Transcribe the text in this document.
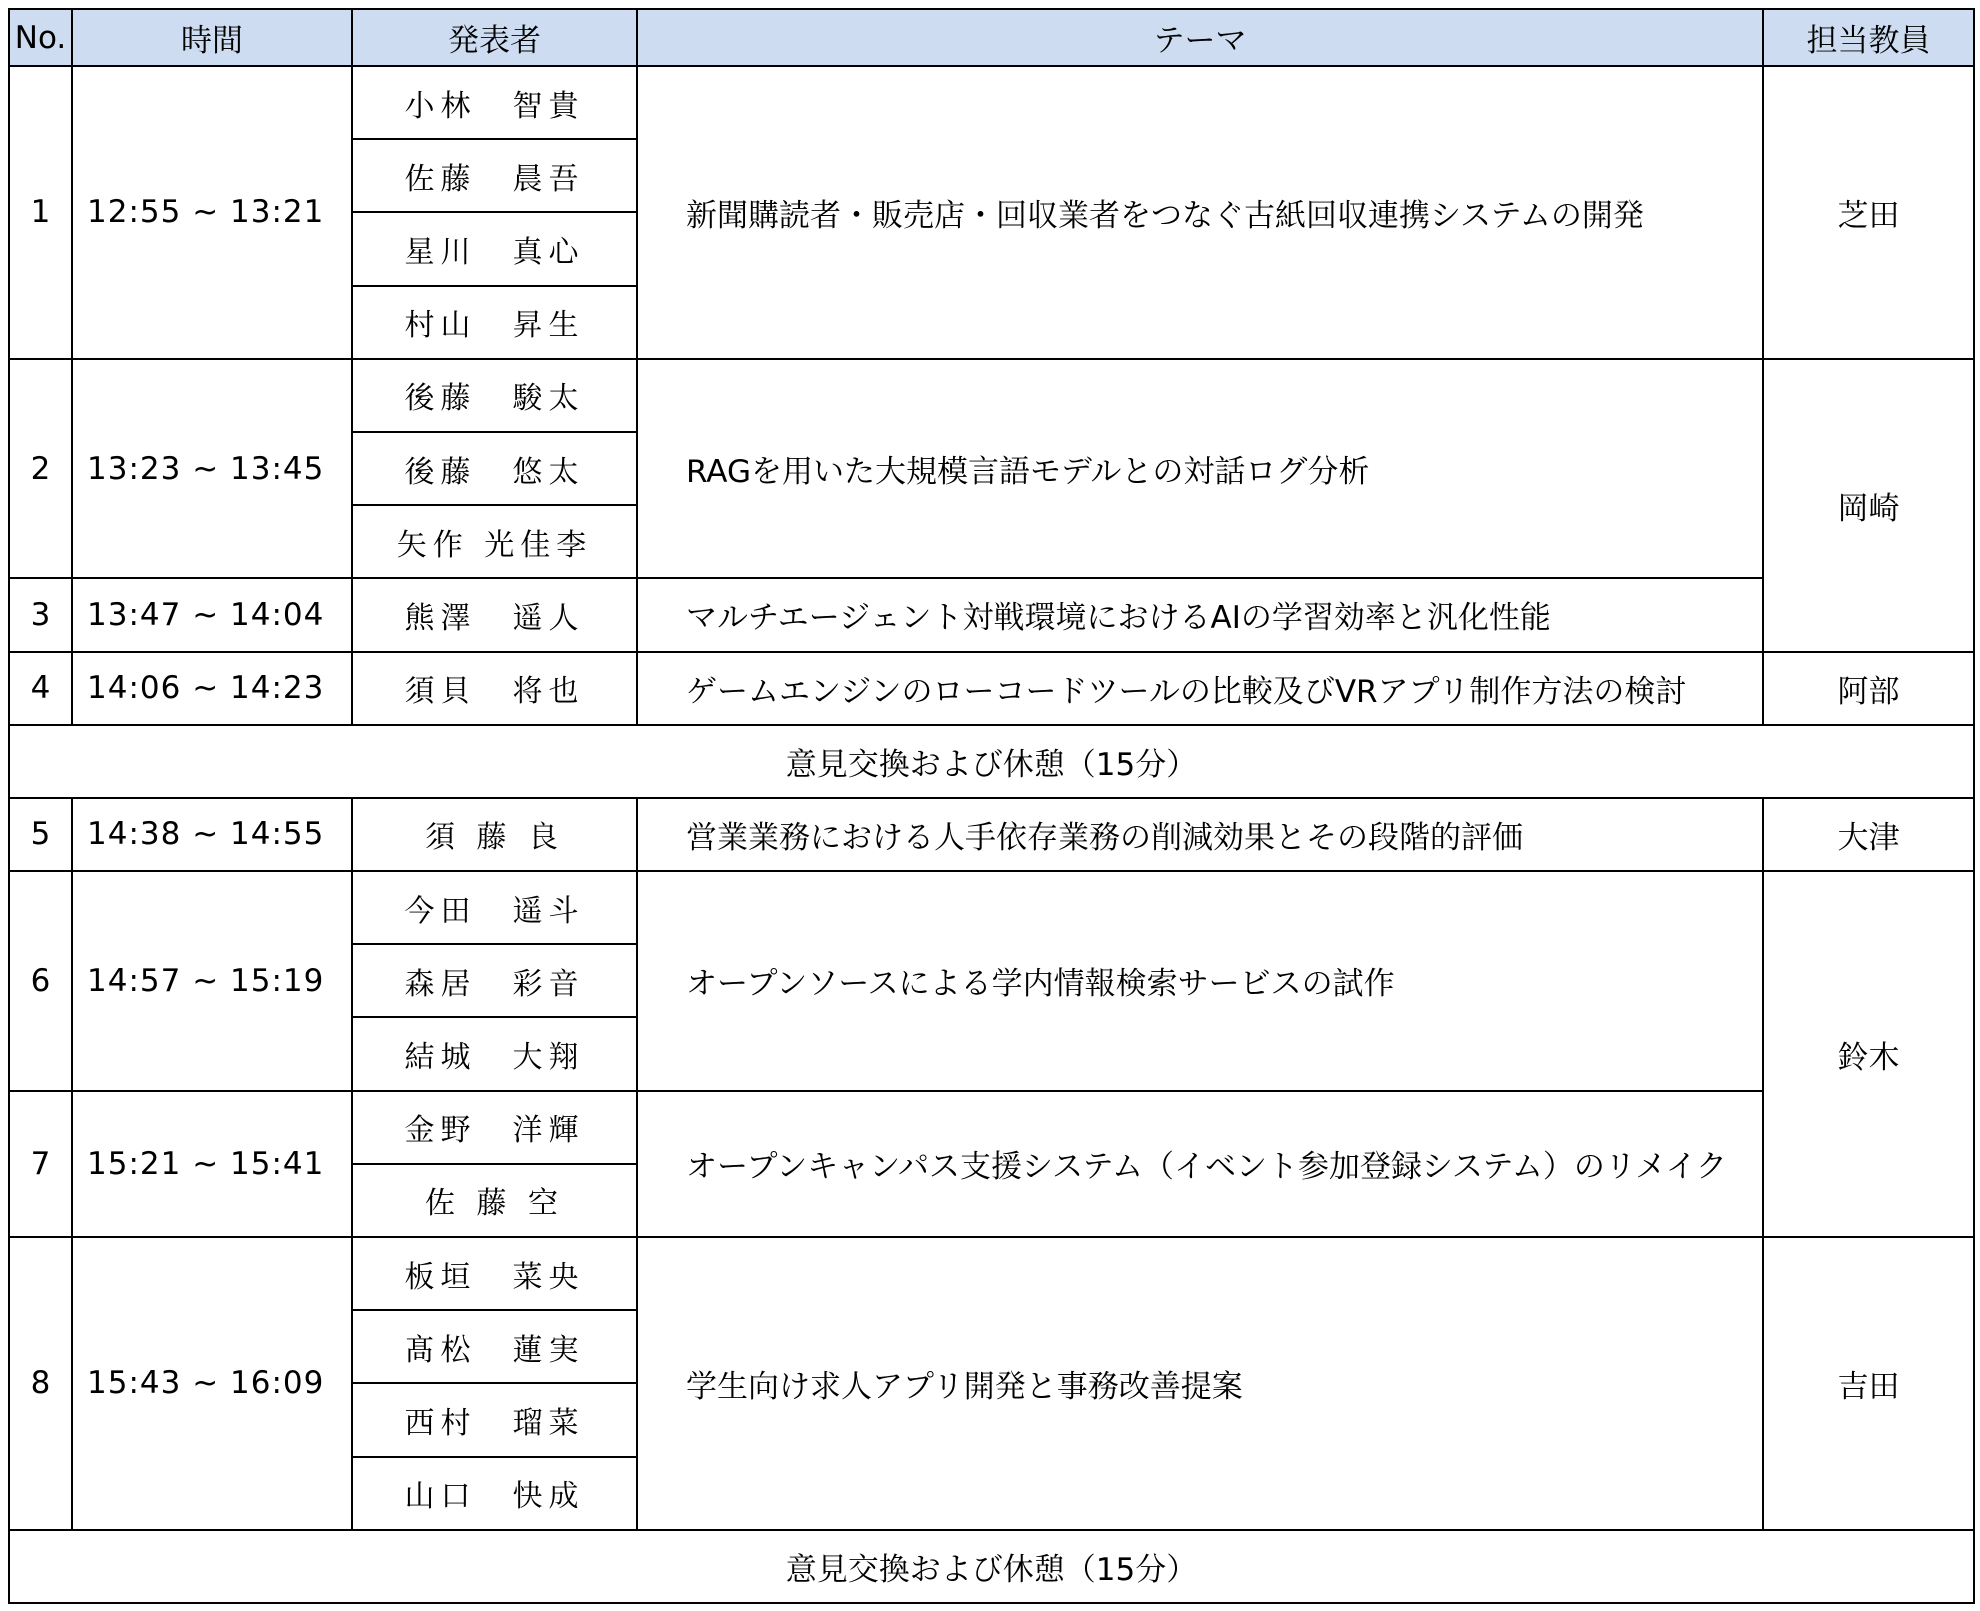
No.	時間	発表者	テーマ	担当教員
1	12:55 ~ 13:21	小林　智貴	新聞購読者・販売店・回収業者をつなぐ古紙回収連携システムの開発	芝田
		佐藤　晨吾		
		星川　真心		
		村山　昇生		
2	13:23 ~ 13:45	後藤　駿太	RAGを用いた大規模言語モデルとの対話ログ分析	岡崎
		後藤　悠太		
		矢作 光佳李		
3	13:47 ~ 14:04	熊澤　遥人	マルチエージェント対戦環境におけるAIの学習効率と汎化性能	
4	14:06 ~ 14:23	須貝　将也	ゲームエンジンのローコードツールの比較及びVRアプリ制作方法の検討	阿部
意見交換および休憩（15分）				
5	14:38 ~ 14:55	須 藤 良	営業業務における人手依存業務の削減効果とその段階的評価	大津
6	14:57 ~ 15:19	今田　遥斗	オープンソースによる学内情報検索サービスの試作	鈴木
		森居　彩音		
		結城　大翔		
7	15:21 ~ 15:41	金野　洋輝	オープンキャンパス支援システム（イベント参加登録システム）のリメイク	
		佐 藤 空		
8	15:43 ~ 16:09	板垣　菜央	学生向け求人アプリ開発と事務改善提案	吉田
		髙松　蓮実		
		西村　瑠菜		
		山口　快成		
意見交換および休憩（15分）				
